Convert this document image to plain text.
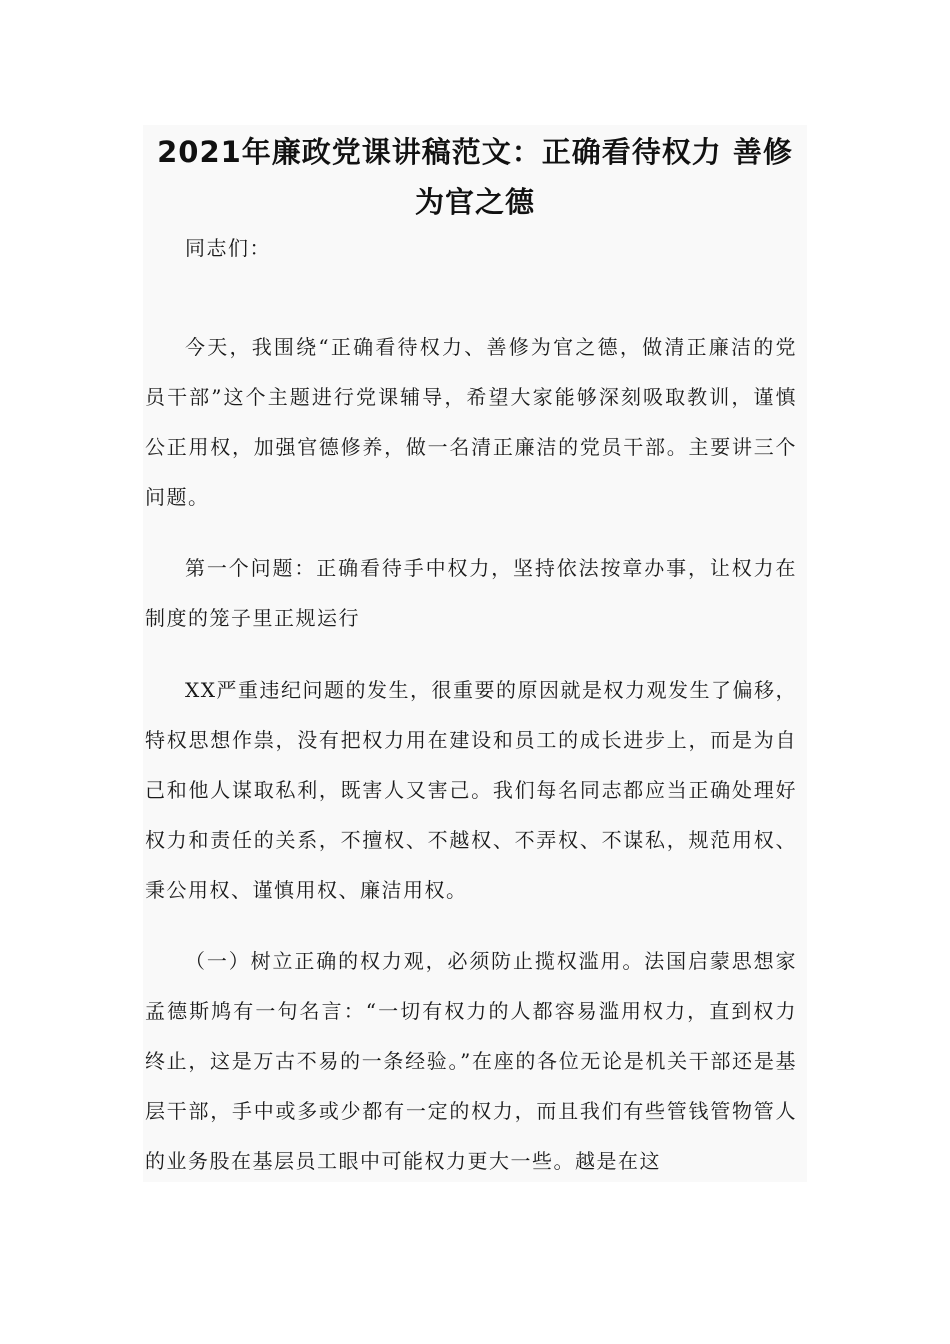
2021年廉政党课讲稿范文：正确看待权力 善修为官之德
同志们：
今天，我围绕“正确看待权力、善修为官之德，做清正廉洁的党员干部”这个主题进行党课辅导，希望大家能够深刻吸取教训，谨慎公正用权，加强官德修养，做一名清正廉洁的党员干部。主要讲三个问题。
第一个问题：正确看待手中权力，坚持依法按章办事，让权力在制度的笼子里正规运行
XX严重违纪问题的发生，很重要的原因就是权力观发生了偏移，特权思想作祟，没有把权力用在建设和员工的成长进步上，而是为自己和他人谋取私利，既害人又害己。我们每名同志都应当正确处理好权力和责任的关系，不擅权、不越权、不弄权、不谋私，规范用权、秉公用权、谨慎用权、廉洁用权。
（一）树立正确的权力观，必须防止揽权滥用。法国启蒙思想家孟德斯鸠有一句名言：“一切有权力的人都容易滥用权力，直到权力终止，这是万古不易的一条经验。”在座的各位无论是机关干部还是基层干部，手中或多或少都有一定的权力，而且我们有些管钱管物管人的业务股在基层员工眼中可能权力更大一些。越是在这
